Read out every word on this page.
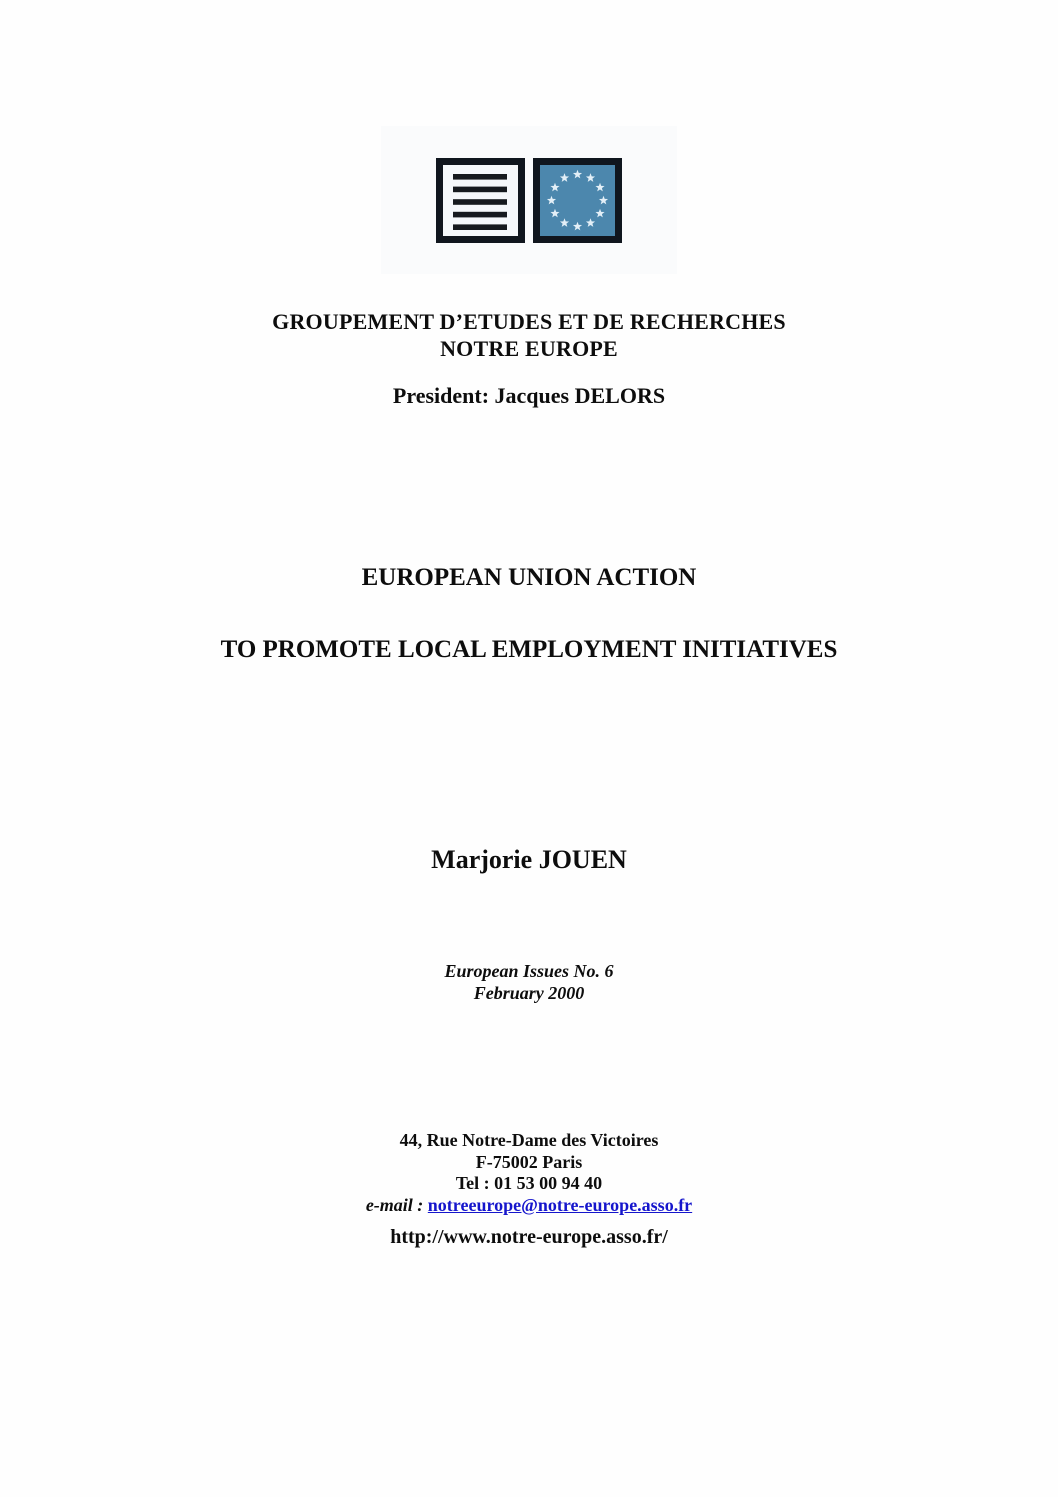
GROUPEMENT D’ETUDES ET DE RECHERCHES
NOTRE EUROPE
President: Jacques DELORS
EUROPEAN UNION ACTION
TO PROMOTE LOCAL EMPLOYMENT INITIATIVES
Marjorie JOUEN
European Issues No. 6
February 2000
44, Rue Notre-Dame des Victoires
F-75002 Paris
Tel : 01 53 00 94 40
e-mail : notreeurope@notre-europe.asso.fr
http://www.notre-europe.asso.fr/
